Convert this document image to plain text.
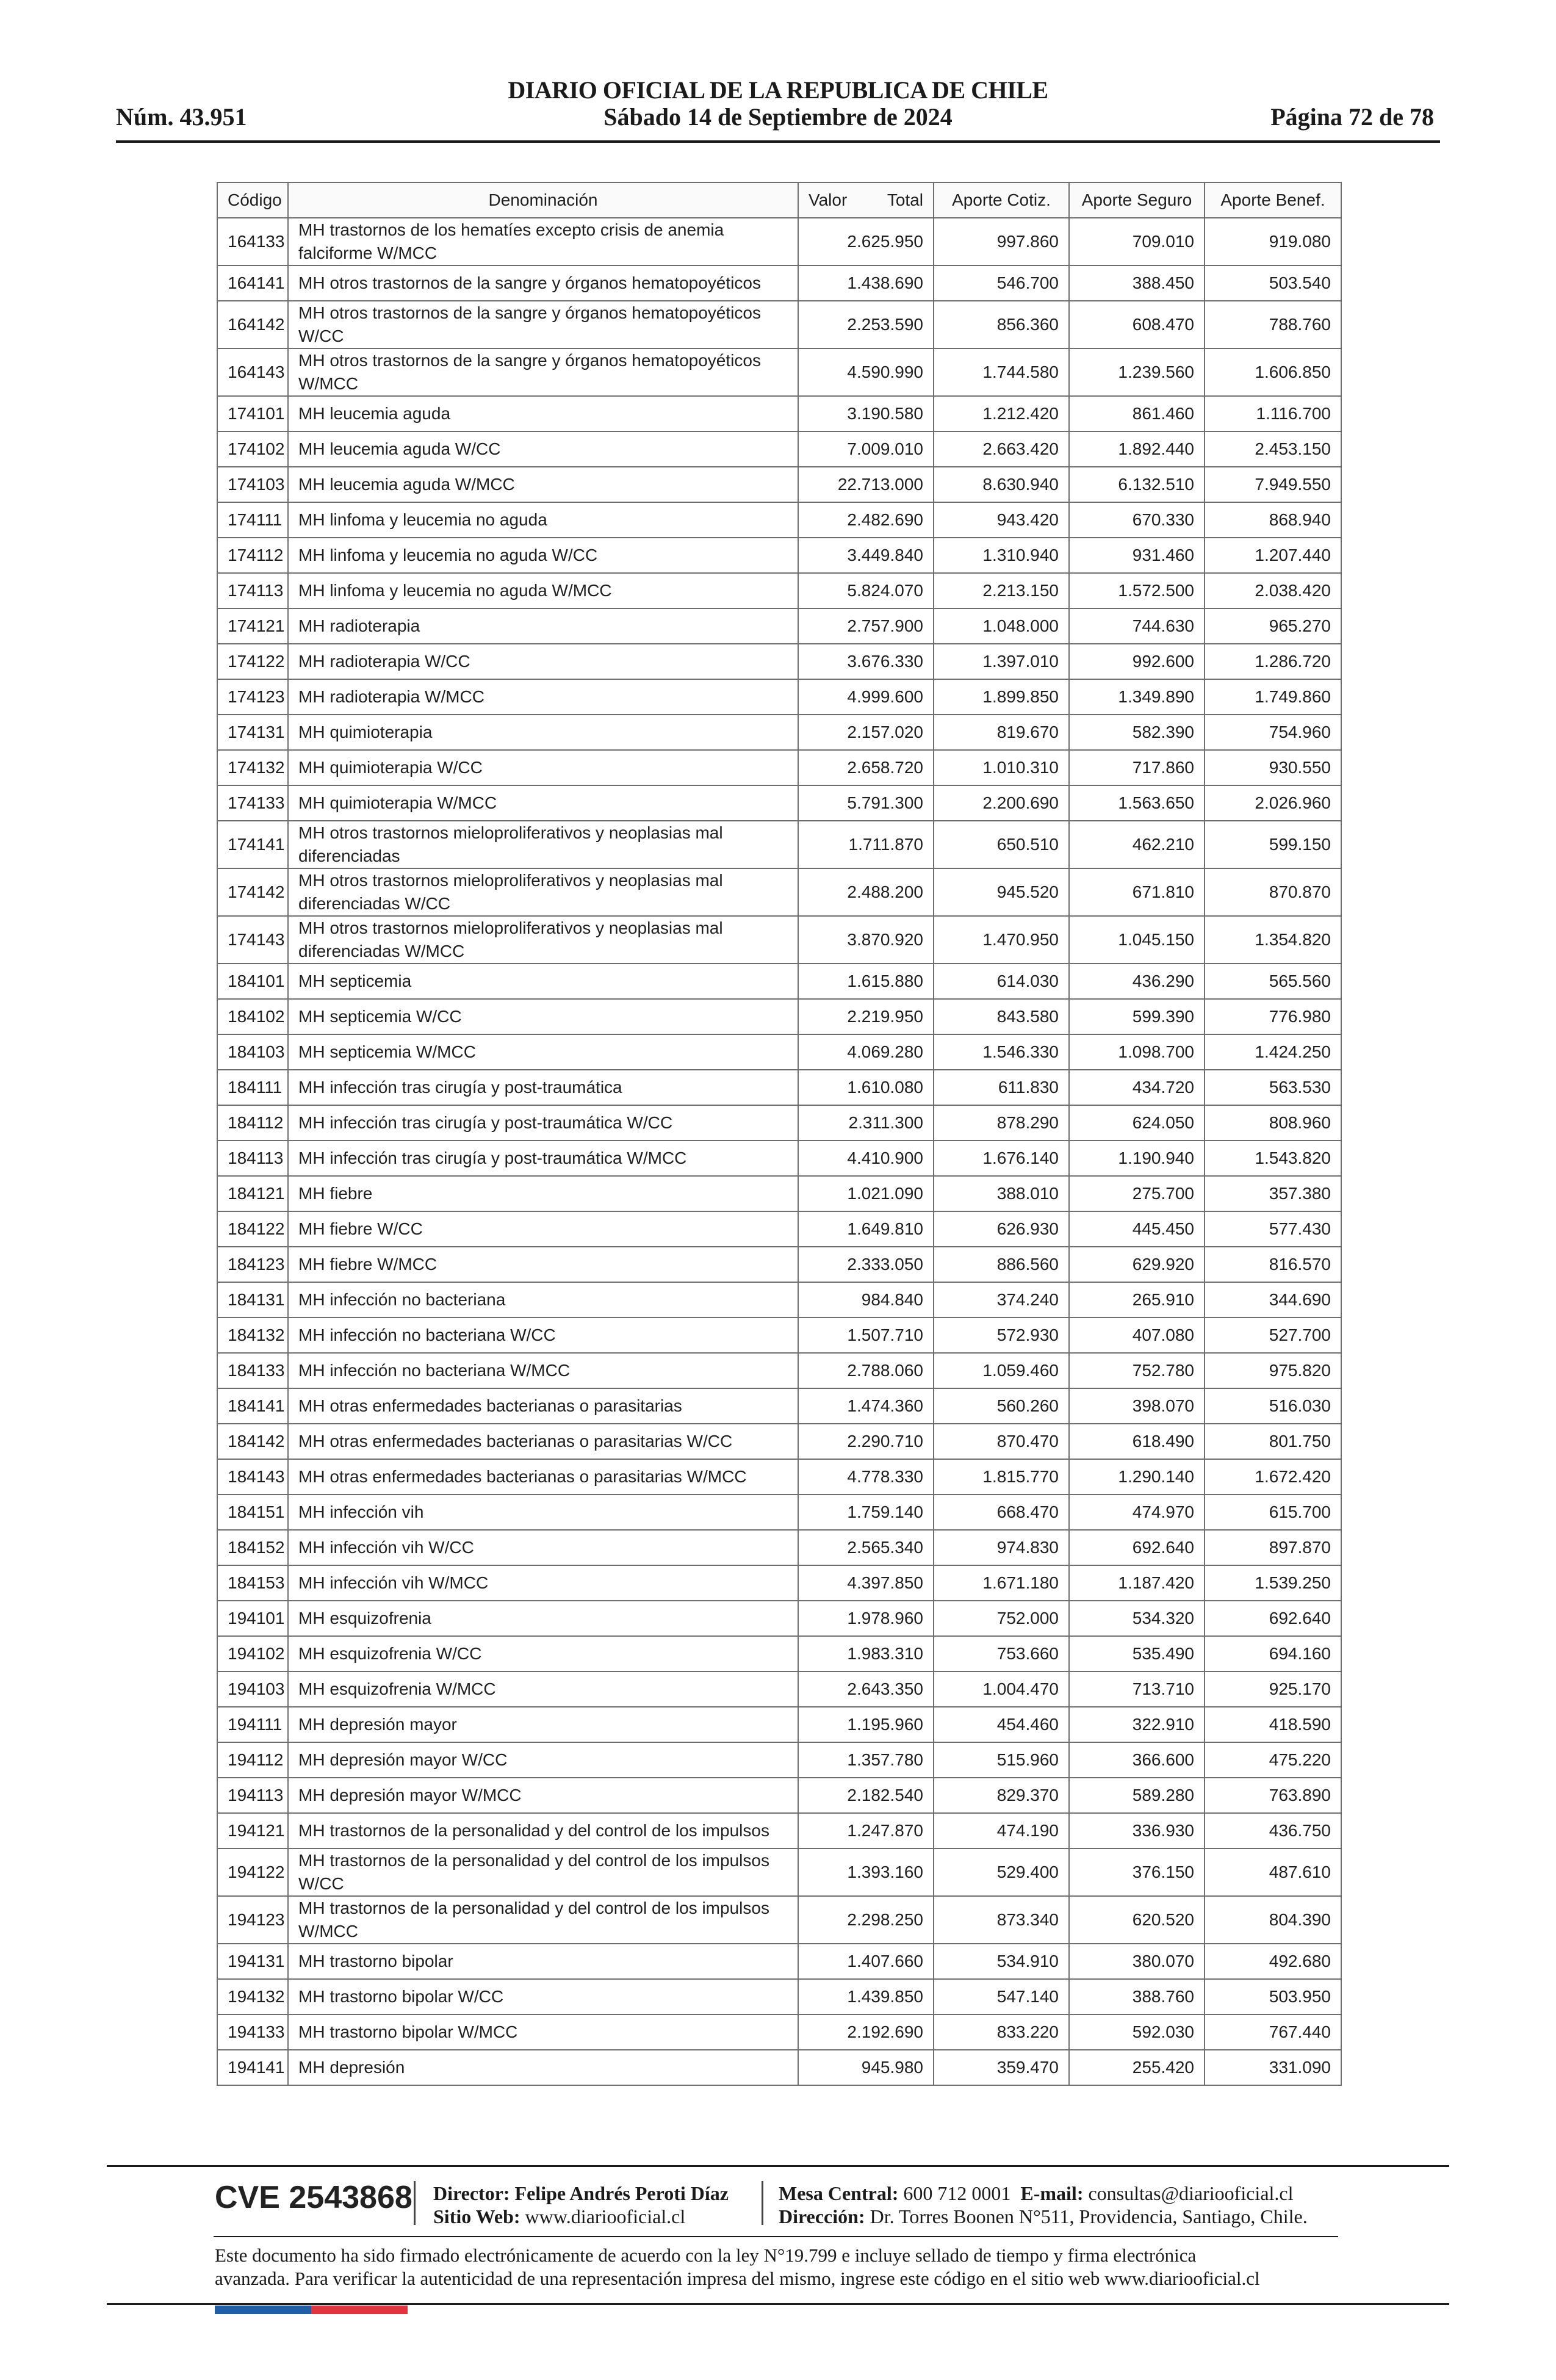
Núm. 43.951
DIARIO OFICIAL DE LA REPUBLICA DE CHILE
Sábado 14 de Septiembre de 2024	Página 72 de 78
Código	Denominación	Valor Total	Aporte Cotiz.	Aporte Seguro	Aporte Benef.
164133	MH trastornos de los hematíes excepto crisis de anemia falciforme W/MCC	2.625.950	997.860	709.010	919.080
164141	MH otros trastornos de la sangre y órganos hematopoyéticos	1.438.690	546.700	388.450	503.540
164142	MH otros trastornos de la sangre y órganos hematopoyéticos W/CC	2.253.590	856.360	608.470	788.760
164143	MH otros trastornos de la sangre y órganos hematopoyéticos W/MCC	4.590.990	1.744.580	1.239.560	1.606.850
174101	MH leucemia aguda	3.190.580	1.212.420	861.460	1.116.700
174102	MH leucemia aguda W/CC	7.009.010	2.663.420	1.892.440	2.453.150
174103	MH leucemia aguda W/MCC	22.713.000	8.630.940	6.132.510	7.949.550
174111	MH linfoma y leucemia no aguda	2.482.690	943.420	670.330	868.940
174112	MH linfoma y leucemia no aguda W/CC	3.449.840	1.310.940	931.460	1.207.440
174113	MH linfoma y leucemia no aguda W/MCC	5.824.070	2.213.150	1.572.500	2.038.420
174121	MH radioterapia	2.757.900	1.048.000	744.630	965.270
174122	MH radioterapia W/CC	3.676.330	1.397.010	992.600	1.286.720
174123	MH radioterapia W/MCC	4.999.600	1.899.850	1.349.890	1.749.860
174131	MH quimioterapia	2.157.020	819.670	582.390	754.960
174132	MH quimioterapia W/CC	2.658.720	1.010.310	717.860	930.550
174133	MH quimioterapia W/MCC	5.791.300	2.200.690	1.563.650	2.026.960
174141	MH otros trastornos mieloproliferativos y neoplasias mal diferenciadas	1.711.870	650.510	462.210	599.150
174142	MH otros trastornos mieloproliferativos y neoplasias mal diferenciadas W/CC	2.488.200	945.520	671.810	870.870
174143	MH otros trastornos mieloproliferativos y neoplasias mal diferenciadas W/MCC	3.870.920	1.470.950	1.045.150	1.354.820
184101	MH septicemia	1.615.880	614.030	436.290	565.560
184102	MH septicemia W/CC	2.219.950	843.580	599.390	776.980
184103	MH septicemia W/MCC	4.069.280	1.546.330	1.098.700	1.424.250
184111	MH infección tras cirugía y post-traumática	1.610.080	611.830	434.720	563.530
184112	MH infección tras cirugía y post-traumática W/CC	2.311.300	878.290	624.050	808.960
184113	MH infección tras cirugía y post-traumática W/MCC	4.410.900	1.676.140	1.190.940	1.543.820
184121	MH fiebre	1.021.090	388.010	275.700	357.380
184122	MH fiebre W/CC	1.649.810	626.930	445.450	577.430
184123	MH fiebre W/MCC	2.333.050	886.560	629.920	816.570
184131	MH infección no bacteriana	984.840	374.240	265.910	344.690
184132	MH infección no bacteriana W/CC	1.507.710	572.930	407.080	527.700
184133	MH infección no bacteriana W/MCC	2.788.060	1.059.460	752.780	975.820
184141	MH otras enfermedades bacterianas o parasitarias	1.474.360	560.260	398.070	516.030
184142	MH otras enfermedades bacterianas o parasitarias W/CC	2.290.710	870.470	618.490	801.750
184143	MH otras enfermedades bacterianas o parasitarias W/MCC	4.778.330	1.815.770	1.290.140	1.672.420
184151	MH infección vih	1.759.140	668.470	474.970	615.700
184152	MH infección vih W/CC	2.565.340	974.830	692.640	897.870
184153	MH infección vih W/MCC	4.397.850	1.671.180	1.187.420	1.539.250
194101	MH esquizofrenia	1.978.960	752.000	534.320	692.640
194102	MH esquizofrenia W/CC	1.983.310	753.660	535.490	694.160
194103	MH esquizofrenia W/MCC	2.643.350	1.004.470	713.710	925.170
194111	MH depresión mayor	1.195.960	454.460	322.910	418.590
194112	MH depresión mayor W/CC	1.357.780	515.960	366.600	475.220
194113	MH depresión mayor W/MCC	2.182.540	829.370	589.280	763.890
194121	MH trastornos de la personalidad y del control de los impulsos	1.247.870	474.190	336.930	436.750
194122	MH trastornos de la personalidad y del control de los impulsos W/CC	1.393.160	529.400	376.150	487.610
194123	MH trastornos de la personalidad y del control de los impulsos W/MCC	2.298.250	873.340	620.520	804.390
194131	MH trastorno bipolar	1.407.660	534.910	380.070	492.680
194132	MH trastorno bipolar W/CC	1.439.850	547.140	388.760	503.950
194133	MH trastorno bipolar W/MCC	2.192.690	833.220	592.030	767.440
194141	MH depresión	945.980	359.470	255.420	331.090
CVE 2543868 Director: Felipe Andrés Peroti Díaz
Sitio Web: www.diariooficial.cl
Mesa Central: 600 712 0001 E-mail: consultas@diariooficial.cl
Dirección: Dr. Torres Boonen N°511, Providencia, Santiago, Chile.
Este documento ha sido firmado electrónicamente de acuerdo con la ley N°19.799 e incluye sellado de tiempo y firma electrónica
avanzada. Para verificar la autenticidad de una representación impresa del mismo, ingrese este código en el sitio web www.diariooficial.cl
